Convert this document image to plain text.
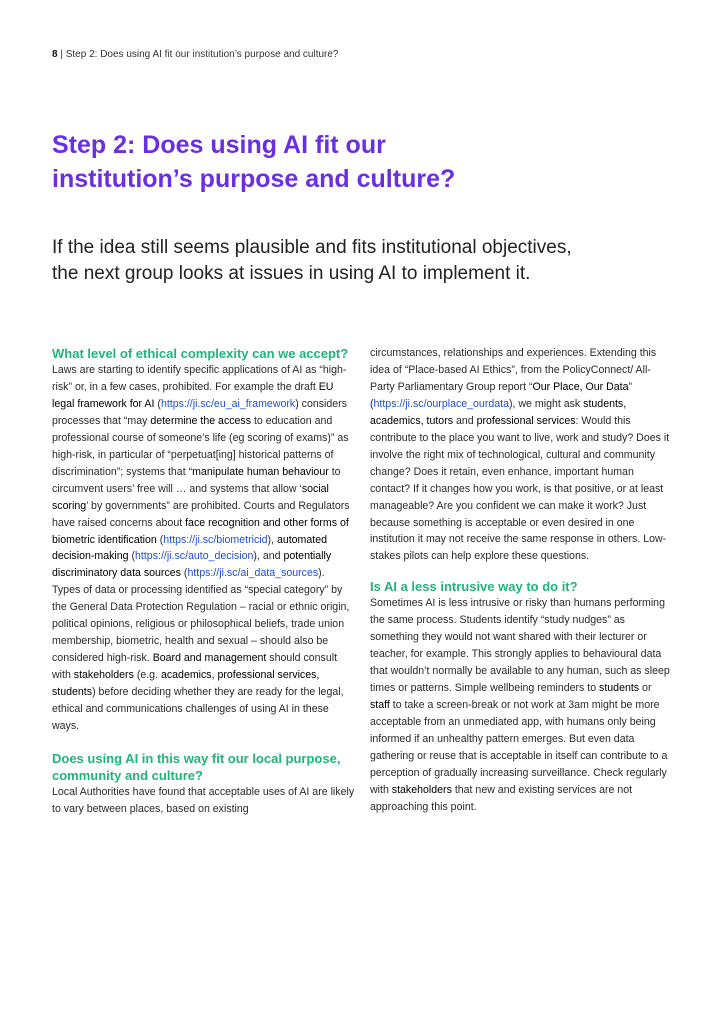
8 | Step 2: Does using AI fit our institution’s purpose and culture?
Step 2: Does using AI fit our
institution’s purpose and culture?

If the idea still seems plausible and fits institutional objectives,
the next group looks at issues in using AI to implement it.

What level of ethical complexity can we accept?

Laws are starting to identify specific applications of AI as “high-risk” or, in a few cases, prohibited. For example the draft EU legal framework for AI (https://ji.sc/eu_ai_framework) considers processes that “may determine the access to education and professional course of someone’s life (eg scoring of exams)” as high-risk, in particular of “perpetuat[ing] historical patterns of discrimination”; systems that “manipulate human behaviour to circumvent users’ free will … and systems that allow ‘social scoring’ by governments” are prohibited. Courts and Regulators have raised concerns about face recognition and other forms of biometric identification (https://ji.sc/biometricid), automated decision-making (https://ji.sc/auto_decision), and potentially discriminatory data sources (https://ji.sc/ai_data_sources). Types of data or processing identified as “special category” by the General Data Protection Regulation – racial or ethnic origin, political opinions, religious or philosophical beliefs, trade union membership, biometric, health and sexual – should also be considered high-risk. Board and management should consult with stakeholders (e.g. academics, professional services, students) before deciding whether they are ready for the legal, ethical and communications challenges of using AI in these ways.

Does using AI in this way fit our local purpose, community and culture?

Local Authorities have found that acceptable uses of AI are likely to vary between places, based on existing

circumstances, relationships and experiences. Extending this idea of “Place-based AI Ethics”, from the PolicyConnect/ All-Party Parliamentary Group report “Our Place, Our Data” (https://ji.sc/ourplace_ourdata), we might ask students, academics, tutors and professional services: Would this contribute to the place you want to live, work and study? Does it involve the right mix of technological, cultural and community change? Does it retain, even enhance, important human contact? If it changes how you work, is that positive, or at least manageable? Are you confident we can make it work? Just because something is acceptable or even desired in one institution it may not receive the same response in others. Low-stakes pilots can help explore these questions.

Is AI a less intrusive way to do it?

Sometimes AI is less intrusive or risky than humans performing the same process. Students identify “study nudges” as something they would not want shared with their lecturer or teacher, for example. This strongly applies to behavioural data that wouldn’t normally be available to any human, such as sleep times or patterns. Simple wellbeing reminders to students or staff to take a screen-break or not work at 3am might be more acceptable from an unmediated app, with humans only being informed if an unhealthy pattern emerges. But even data gathering or reuse that is acceptable in itself can contribute to a perception of gradually increasing surveillance. Check regularly with stakeholders that new and existing services are not approaching this point.
